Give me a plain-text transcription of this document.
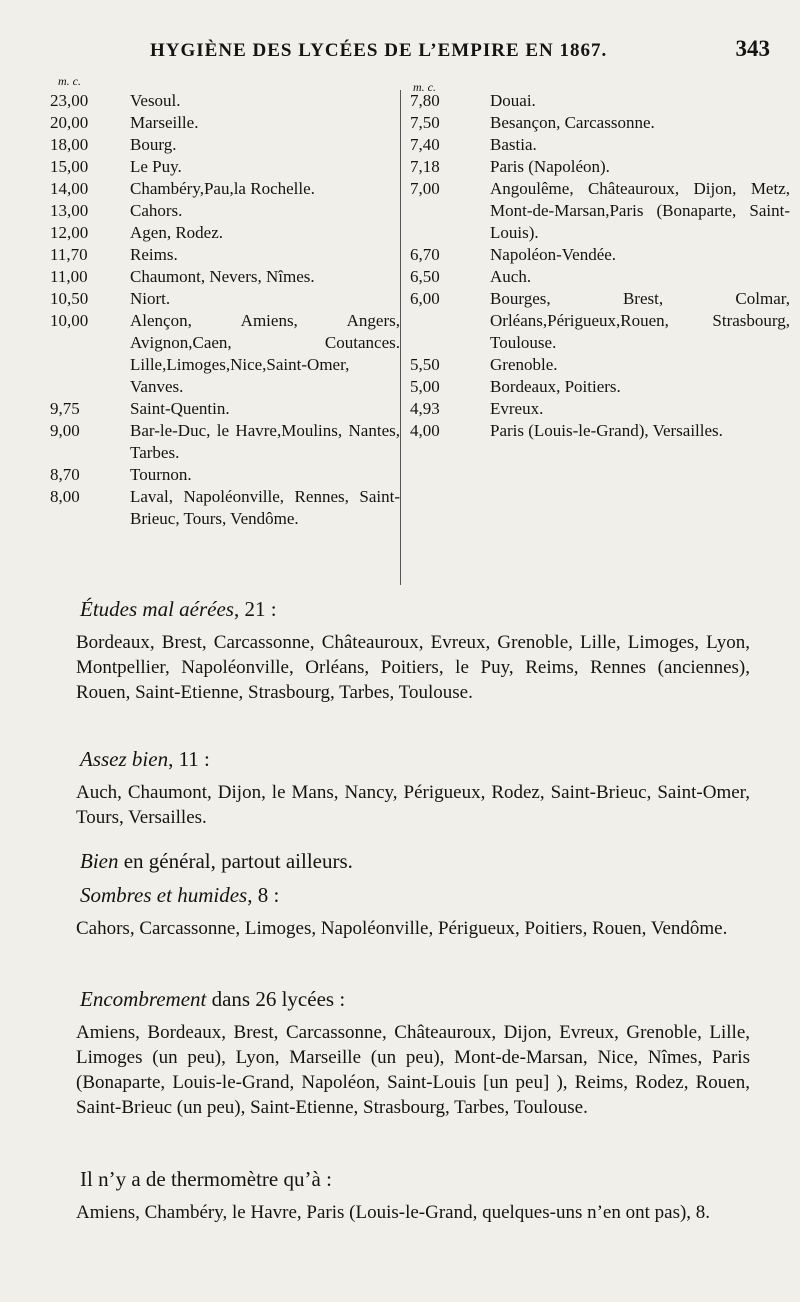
HYGIÈNE DES LYCÉES DE L’EMPIRE EN 1867.	343
m. c.	m. c.
23,00	Vesoul.
20,00	Marseille.
18,00	Bourg.
15,00	Le Puy.
14,00	Chambéry,Pau,la Rochelle.
13,00	Cahors.
12,00	Agen, Rodez.
11,70	Reims.
11,00	Chaumont, Nevers, Nîmes.
10,50	Niort.
10,00	Alençon, Amiens, Angers, Avignon,Caen, Coutances. Lille,Limoges,Nice,Saint-Omer, Vanves.
9,75	Saint-Quentin.
9,00	Bar-le-Duc, le Havre,Moulins, Nantes, Tarbes.
8,70	Tournon.
8,00	Laval, Napoléonville, Rennes, Saint-Brieuc, Tours, Vendôme.
7,80	Douai.
7,50	Besançon, Carcassonne.
7,40	Bastia.
7,18	Paris (Napoléon).
7,00	Angoulême, Châteauroux, Dijon, Metz, Mont-de-Marsan,Paris (Bonaparte, Saint-Louis).
6,70	Napoléon-Vendée.
6,50	Auch.
6,00	Bourges, Brest, Colmar, Orléans,Périgueux,Rouen, Strasbourg, Toulouse.
5,50	Grenoble.
5,00	Bordeaux, Poitiers.
4,93	Evreux.
4,00	Paris (Louis-le-Grand), Versailles.
Études mal aérées, 21 :
Bordeaux, Brest, Carcassonne, Châteauroux, Evreux, Grenoble, Lille, Limoges, Lyon, Montpellier, Napoléonville, Orléans, Poitiers, le Puy, Reims, Rennes (anciennes), Rouen, Saint-Etienne, Strasbourg, Tarbes, Toulouse.
Assez bien, 11 :
Auch, Chaumont, Dijon, le Mans, Nancy, Périgueux, Rodez, Saint-Brieuc, Saint-Omer, Tours, Versailles.
Bien en général, partout ailleurs.
Sombres et humides, 8 :
Cahors, Carcassonne, Limoges, Napoléonville, Périgueux, Poitiers, Rouen, Vendôme.
Encombrement dans 26 lycées :
Amiens, Bordeaux, Brest, Carcassonne, Châteauroux, Dijon, Evreux, Grenoble, Lille, Limoges (un peu), Lyon, Marseille (un peu), Mont-de-Marsan, Nice, Nîmes, Paris (Bonaparte, Louis-le-Grand, Napoléon, Saint-Louis [un peu] ), Reims, Rodez, Rouen, Saint-Brieuc (un peu), Saint-Etienne, Strasbourg, Tarbes, Toulouse.
Il n’y a de thermomètre qu’à :
Amiens, Chambéry, le Havre, Paris (Louis-le-Grand, quelques-uns n’en ont pas), 8.
